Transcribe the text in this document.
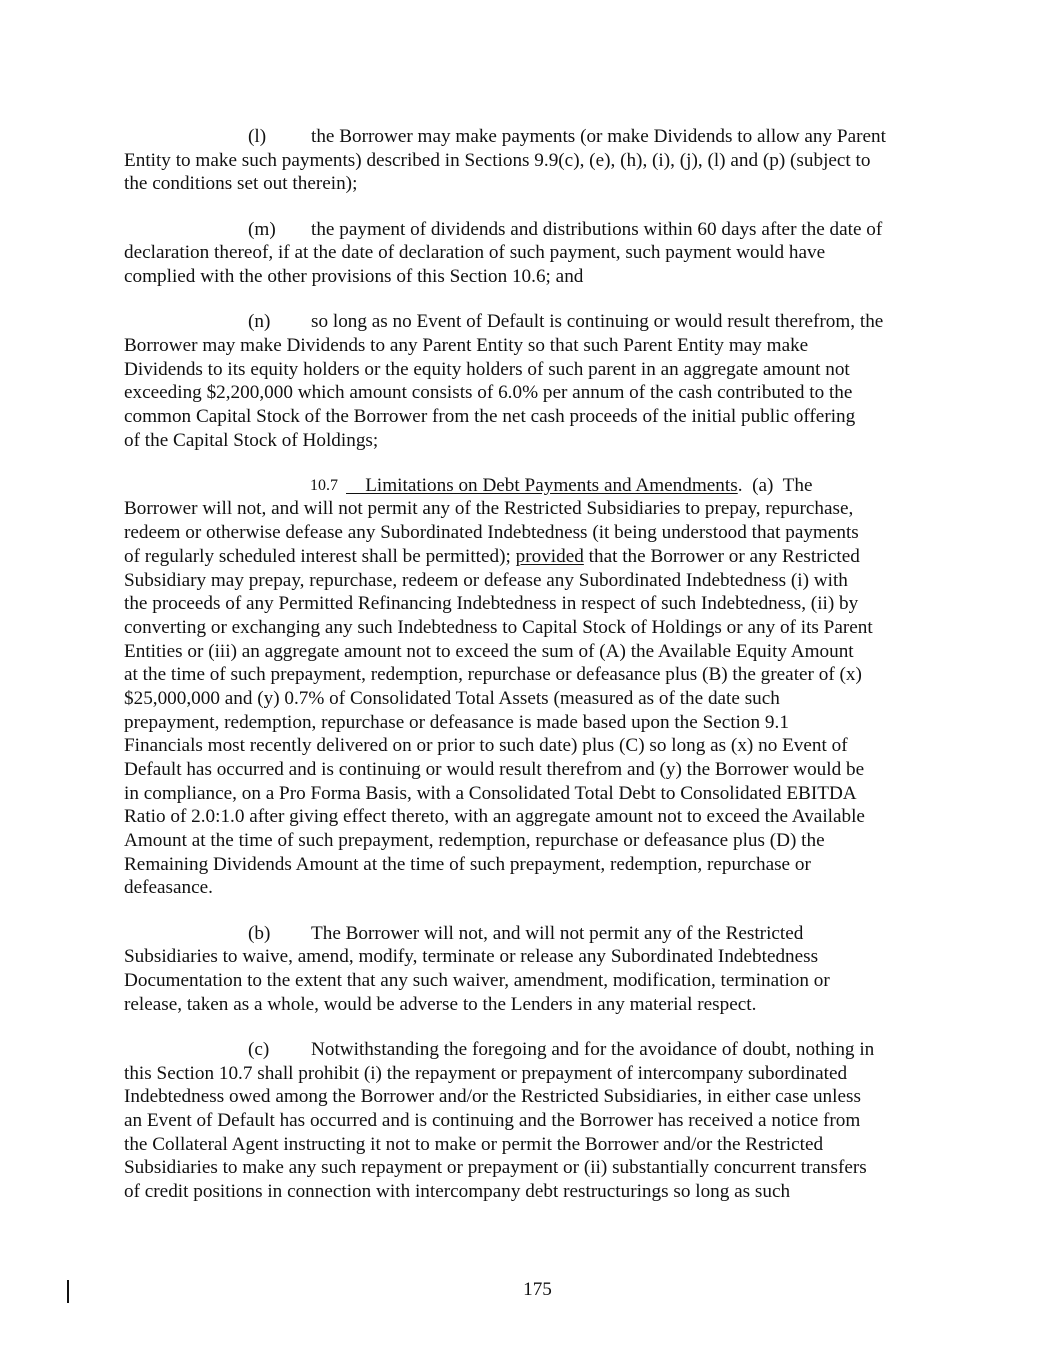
(l) the Borrower may make payments (or make Dividends to allow any Parent
Entity to make such payments) described in Sections 9.9(c), (e), (h), (i), (j), (l) and (p) (subject to
the conditions set out therein);
(m) the payment of dividends and distributions within 60 days after the date of
declaration thereof, if at the date of declaration of such payment, such payment would have
complied with the other provisions of this Section 10.6; and
(n) so long as no Event of Default is continuing or would result therefrom, the
Borrower may make Dividends to any Parent Entity so that such Parent Entity may make
Dividends to its equity holders or the equity holders of such parent in an aggregate amount not
exceeding $2,200,000 which amount consists of 6.0% per annum of the cash contributed to the
common Capital Stock of the Borrower from the net cash proceeds of the initial public offering
of the Capital Stock of Holdings;
Limitations on Debt Payments and Amendments.  (a)  The
10.7
Borrower will not, and will not permit any of the Restricted Subsidiaries to prepay, repurchase,
redeem or otherwise defease any Subordinated Indebtedness (it being understood that payments
of regularly scheduled interest shall be permitted); provided that the Borrower or any Restricted
Subsidiary may prepay, repurchase, redeem or defease any Subordinated Indebtedness (i) with
the proceeds of any Permitted Refinancing Indebtedness in respect of such Indebtedness, (ii) by
converting or exchanging any such Indebtedness to Capital Stock of Holdings or any of its Parent
Entities or (iii) an aggregate amount not to exceed the sum of (A) the Available Equity Amount
at the time of such prepayment, redemption, repurchase or defeasance plus (B) the greater of (x)
$25,000,000 and (y) 0.7% of Consolidated Total Assets (measured as of the date such
prepayment, redemption, repurchase or defeasance is made based upon the Section 9.1
Financials most recently delivered on or prior to such date) plus (C) so long as (x) no Event of
Default has occurred and is continuing or would result therefrom and (y) the Borrower would be
in compliance, on a Pro Forma Basis, with a Consolidated Total Debt to Consolidated EBITDA
Ratio of 2.0:1.0 after giving effect thereto, with an aggregate amount not to exceed the Available
Amount at the time of such prepayment, redemption, repurchase or defeasance plus (D) the
Remaining Dividends Amount at the time of such prepayment, redemption, repurchase or
defeasance.
(b) The Borrower will not, and will not permit any of the Restricted
Subsidiaries to waive, amend, modify, terminate or release any Subordinated Indebtedness
Documentation to the extent that any such waiver, amendment, modification, termination or
release, taken as a whole, would be adverse to the Lenders in any material respect.
(c) Notwithstanding the foregoing and for the avoidance of doubt, nothing in
this Section 10.7 shall prohibit (i) the repayment or prepayment of intercompany subordinated
Indebtedness owed among the Borrower and/or the Restricted Subsidiaries, in either case unless
an Event of Default has occurred and is continuing and the Borrower has received a notice from
the Collateral Agent instructing it not to make or permit the Borrower and/or the Restricted
Subsidiaries to make any such repayment or prepayment or (ii) substantially concurrent transfers
of credit positions in connection with intercompany debt restructurings so long as such
175
